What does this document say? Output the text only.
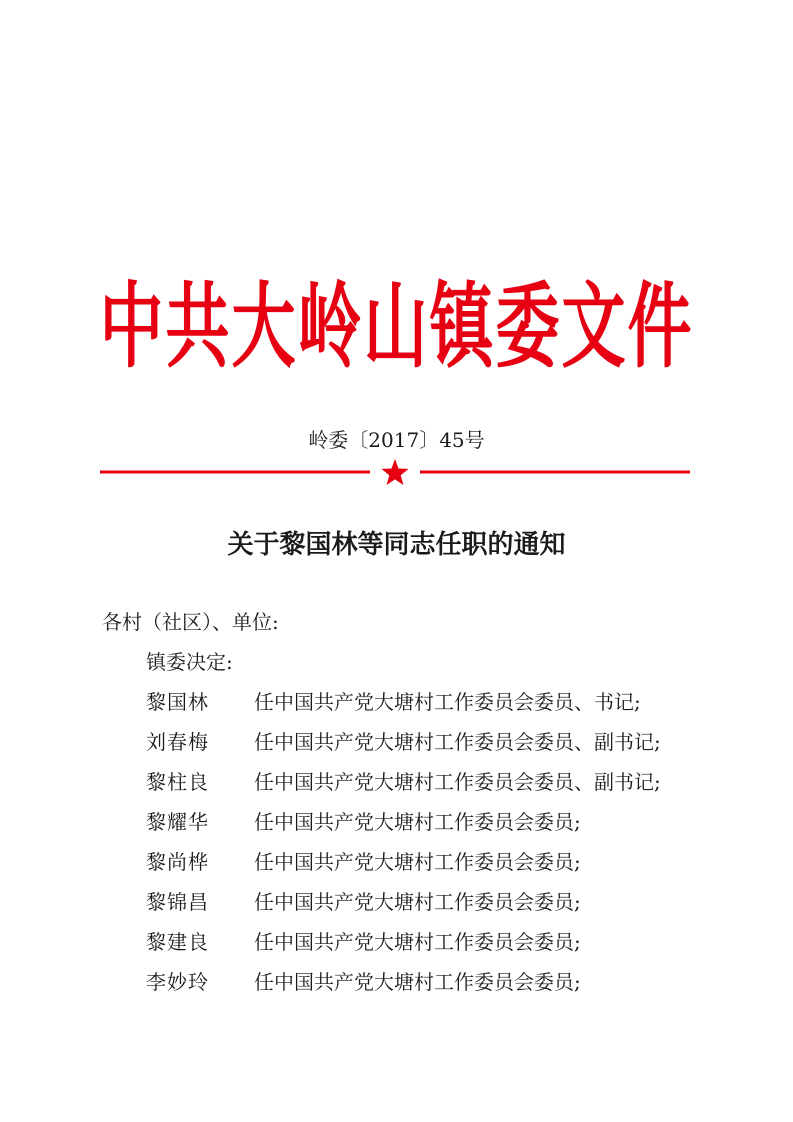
中共大岭山镇委文件
岭委〔2017〕45号
关于黎国林等同志任职的通知
各村（社区）、单位:
镇委决定:
黎国林 任中国共产党大塘村工作委员会委员、书记;
刘春梅 任中国共产党大塘村工作委员会委员、副书记;
黎柱良 任中国共产党大塘村工作委员会委员、副书记;
黎耀华 任中国共产党大塘村工作委员会委员;
黎尚桦 任中国共产党大塘村工作委员会委员;
黎锦昌 任中国共产党大塘村工作委员会委员;
黎建良 任中国共产党大塘村工作委员会委员;
李妙玲 任中国共产党大塘村工作委员会委员;
